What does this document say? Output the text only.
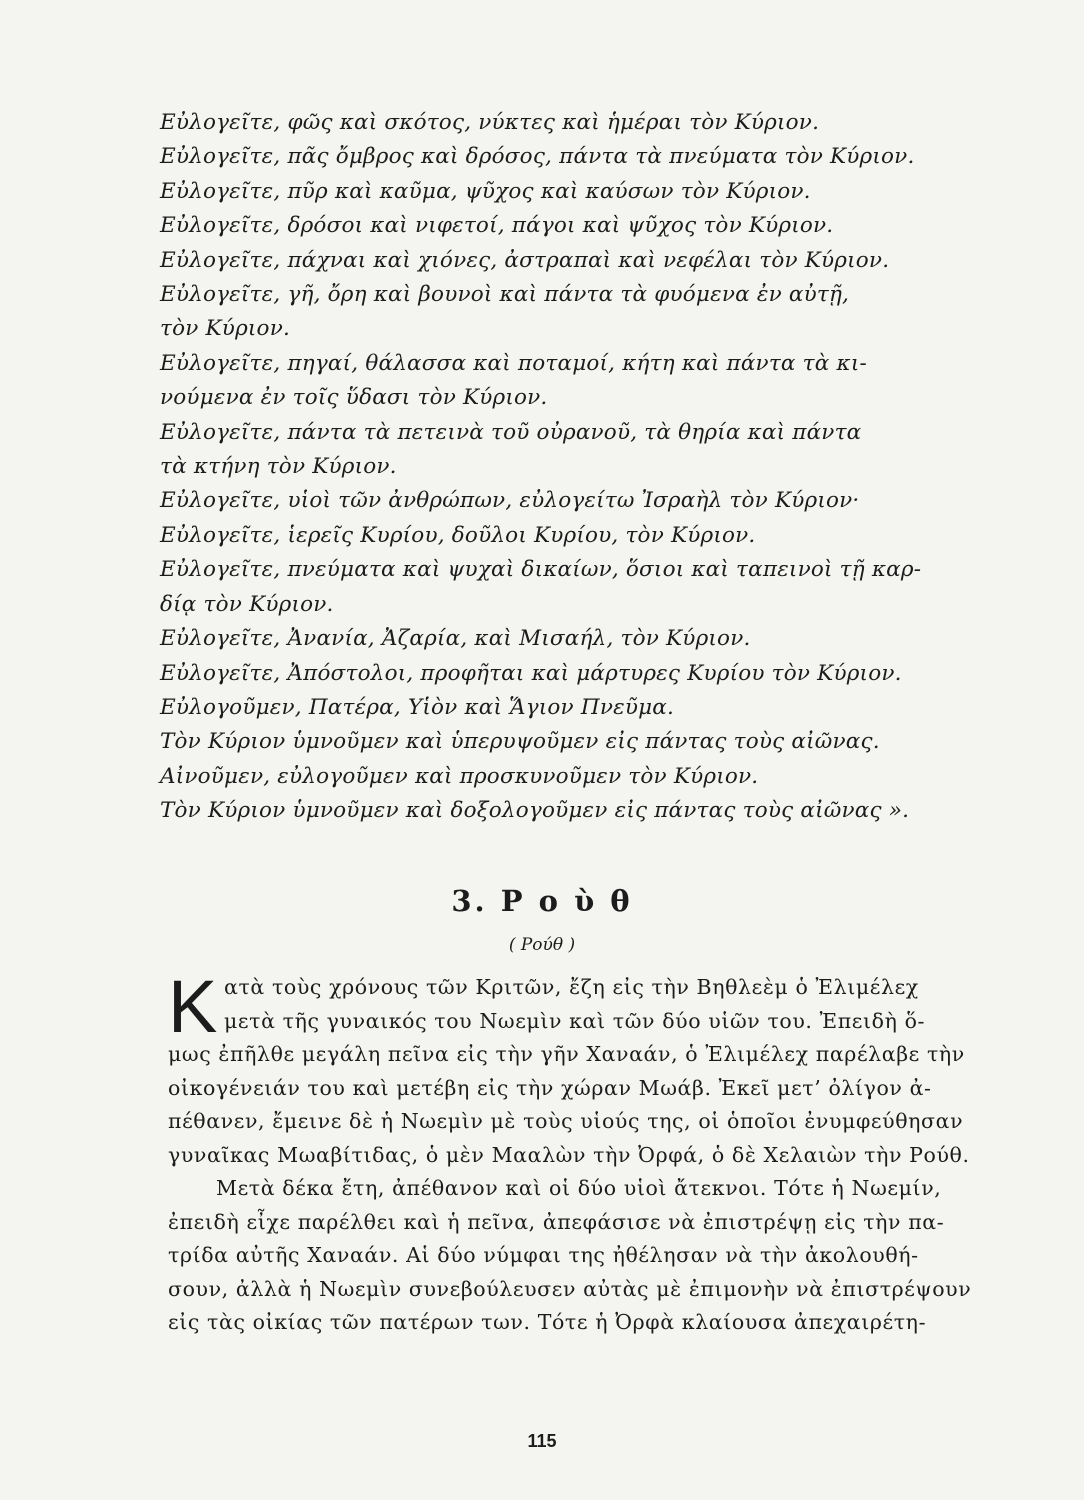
Εὐλογεῖτε, φῶς καὶ σκότος, νύκτες καὶ ἡμέραι τὸν Κύριον.
Εὐλογεῖτε, πᾶς ὄμβρος καὶ δρόσος, πάντα τὰ πνεύματα τὸν Κύριον.
Εὐλογεῖτε, πῦρ καὶ καῦμα, ψῦχος καὶ καύσων τὸν Κύριον.
Εὐλογεῖτε, δρόσοι καὶ νιφετοί, πάγοι καὶ ψῦχος τὸν Κύριον.
Εὐλογεῖτε, πάχναι καὶ χιόνες, ἀστραπαὶ καὶ νεφέλαι τὸν Κύριον.
Εὐλογεῖτε, γῆ, ὄρη καὶ βουνοὶ καὶ πάντα τὰ φυόμενα ἐν αὐτῇ,
τὸν Κύριον.
Εὐλογεῖτε, πηγαί, θάλασσα καὶ ποταμοί, κήτη καὶ πάντα τὰ κι-
νούμενα ἐν τοῖς ὕδασι τὸν Κύριον.
Εὐλογεῖτε, πάντα τὰ πετεινὰ τοῦ οὐρανοῦ, τὰ θηρία καὶ πάντα
τὰ κτήνη τὸν Κύριον.
Εὐλογεῖτε, υἱοὶ τῶν ἀνθρώπων, εὐλογείτω Ἰσραὴλ τὸν Κύριον·
Εὐλογεῖτε, ἱερεῖς Κυρίου, δοῦλοι Κυρίου, τὸν Κύριον.
Εὐλογεῖτε, πνεύματα καὶ ψυχαὶ δικαίων, ὅσιοι καὶ ταπεινοὶ τῇ καρ-
δίᾳ τὸν Κύριον.
Εὐλογεῖτε, Ἀνανία, Ἀζαρία, καὶ Μισαήλ, τὸν Κύριον.
Εὐλογεῖτε, Ἀπόστολοι, προφῆται καὶ μάρτυρες Κυρίου τὸν Κύριον.
Εὐλογοῦμεν, Πατέρα, Υἱὸν καὶ Ἅγιον Πνεῦμα.
Τὸν Κύριον ὑμνοῦμεν καὶ ὑπερυψοῦμεν εἰς πάντας τοὺς αἰῶνας.
Αἰνοῦμεν, εὐλογοῦμεν καὶ προσκυνοῦμεν τὸν Κύριον.
Τὸν Κύριον ὑμνοῦμεν καὶ δοξολογοῦμεν εἰς πάντας τοὺς αἰῶνας ».
3. Ρ ο ὺ θ
( Ρούθ )
Κ ατὰ τοὺς χρόνους τῶν Κριτῶν, ἔζη εἰς τὴν Βηθλεὲμ ὁ Ἐλιμέλεχ
μετὰ τῆς γυναικός του Νωεμὶν καὶ τῶν δύο υἱῶν του. Ἐπειδὴ ὅ-
μως ἐπῆλθε μεγάλη πεῖνα εἰς τὴν γῆν Χαναάν, ὁ Ἐλιμέλεχ παρέλαβε τὴν
οἰκογένειάν του καὶ μετέβη εἰς τὴν χώραν Μωάβ. Ἐκεῖ μετ’ ὀλίγον ἀ-
πέθανεν, ἔμεινε δὲ ἡ Νωεμὶν μὲ τοὺς υἱούς της, οἱ ὁποῖοι ἐνυμφεύθησαν
γυναῖκας Μωαβίτιδας, ὁ μὲν Μααλὼν τὴν Ὀρφά, ὁ δὲ Χελαιὼν τὴν Ρούθ.
Μετὰ δέκα ἔτη, ἀπέθανον καὶ οἱ δύο υἱοὶ ἄτεκνοι. Τότε ἡ Νωεμίν,
ἐπειδὴ εἶχε παρέλθει καὶ ἡ πεῖνα, ἀπεφάσισε νὰ ἐπιστρέψῃ εἰς τὴν πα-
τρίδα αὐτῆς Χαναάν. Αἱ δύο νύμφαι της ἠθέλησαν νὰ τὴν ἀκολουθή-
σουν, ἀλλὰ ἡ Νωεμὶν συνεβούλευσεν αὐτὰς μὲ ἐπιμονὴν νὰ ἐπιστρέψουν
εἰς τὰς οἰκίας τῶν πατέρων των. Τότε ἡ Ὀρφὰ κλαίουσα ἀπεχαιρέτη-
115
